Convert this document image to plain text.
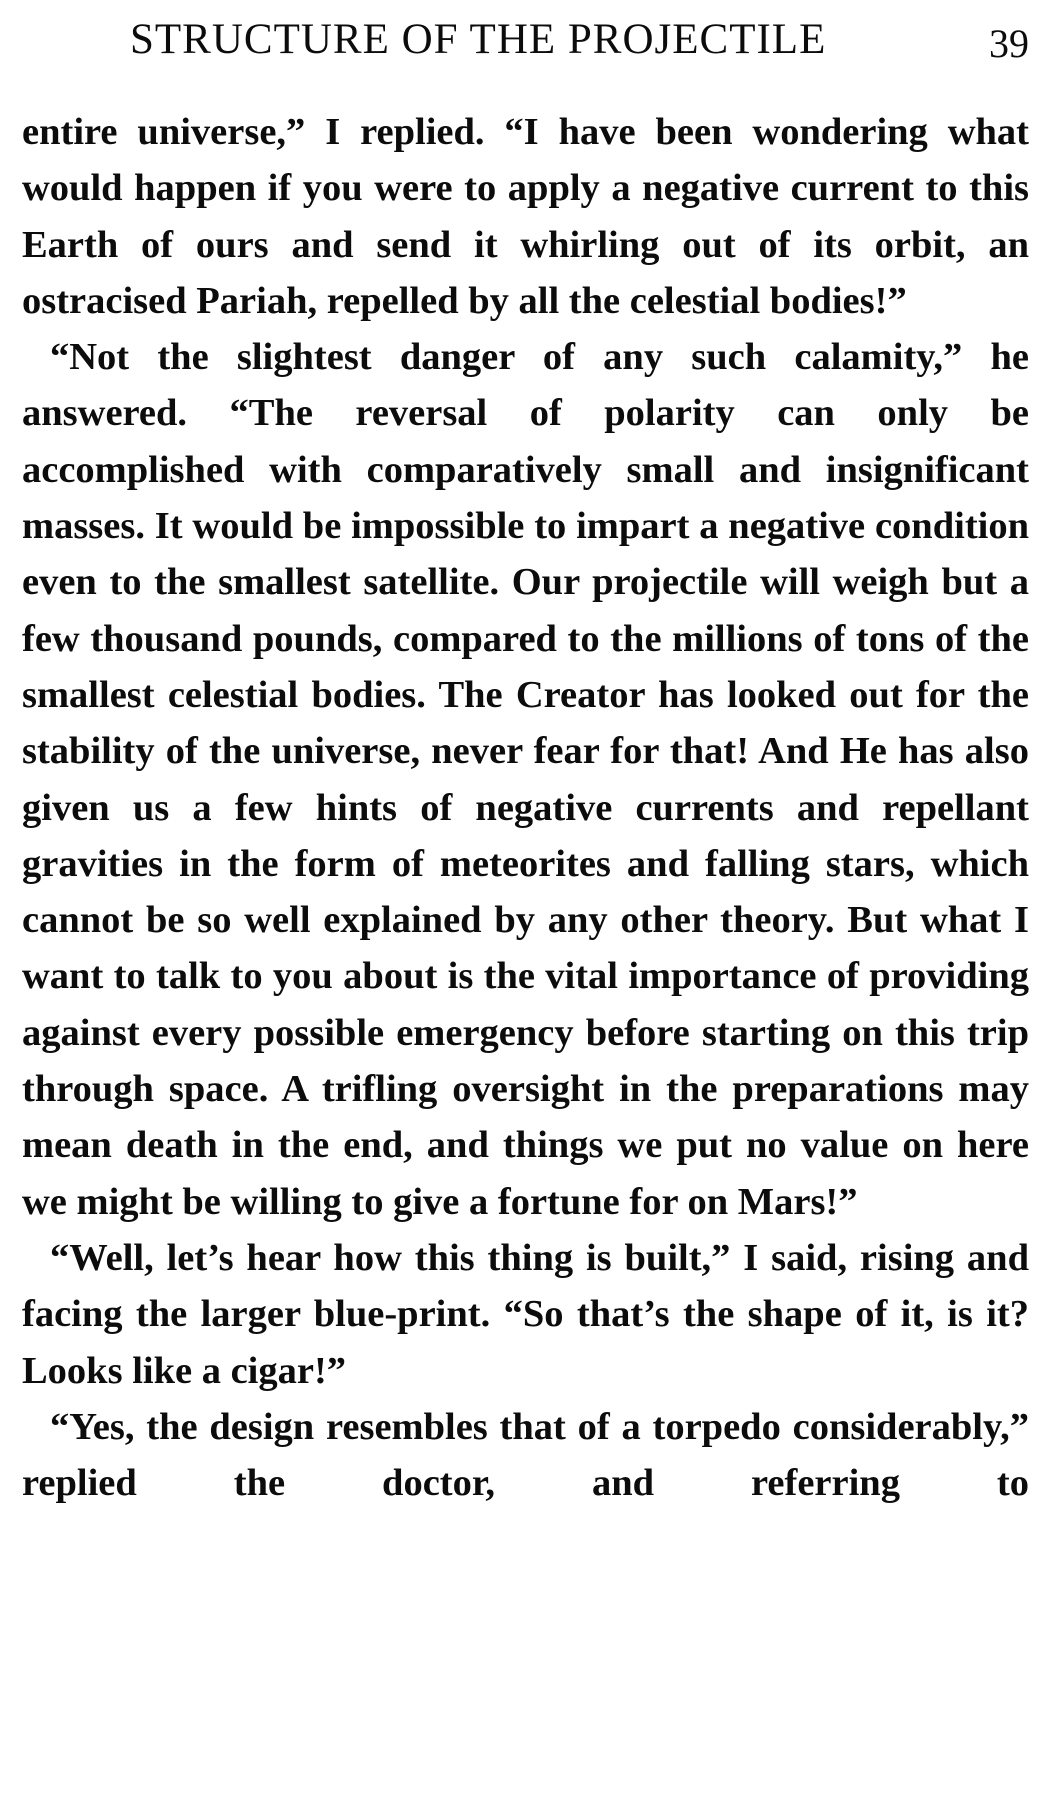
STRUCTURE OF THE PROJECTILE	39

entire universe,” I replied. “I have been wondering what would happen if you were to apply a negative current to this Earth of ours and send it whirling out of its orbit, an ostracised Pariah, repelled by all the celestial bodies!”

“Not the slightest danger of any such calamity,” he answered. “The reversal of polarity can only be accomplished with comparatively small and insignificant masses. It would be impossible to impart a negative condition even to the smallest satellite. Our projectile will weigh but a few thousand pounds, compared to the millions of tons of the smallest celestial bodies. The Creator has looked out for the stability of the universe, never fear for that! And He has also given us a few hints of negative currents and repellant gravities in the form of meteorites and falling stars, which cannot be so well explained by any other theory. But what I want to talk to you about is the vital importance of providing against every possible emergency before starting on this trip through space. A trifling oversight in the preparations may mean death in the end, and things we put no value on here we might be willing to give a fortune for on Mars!”

“Well, let’s hear how this thing is built,” I said, rising and facing the larger blue-print. “So that’s the shape of it, is it? Looks like a cigar!”

“Yes, the design resembles that of a torpedo considerably,” replied the doctor, and referring to
